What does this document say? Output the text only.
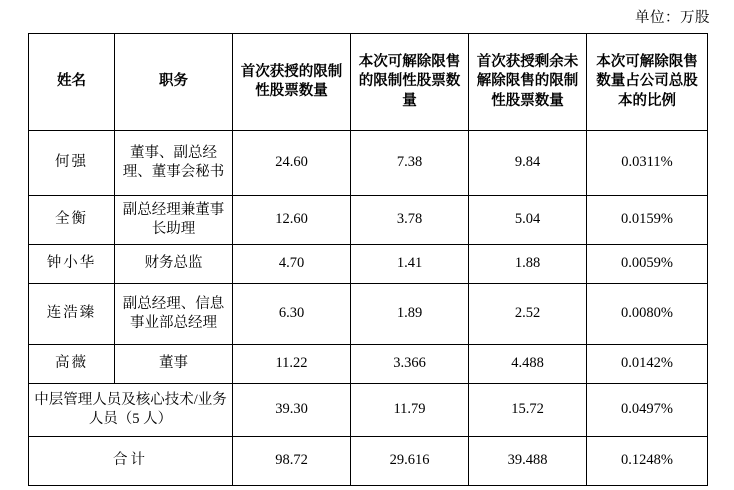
单位：万股
姓名	职务	首次获授的限制性股票数量	本次可解除限售的限制性股票数量	首次获授剩余未解除限售的限制性股票数量	本次可解除限售数量占公司总股本的比例
何强	董事、副总经理、董事会秘书	24.60	7.38	9.84	0.0311%
全衡	副总经理兼董事长助理	12.60	3.78	5.04	0.0159%
钟小华	财务总监	4.70	1.41	1.88	0.0059%
连浩臻	副总经理、信息事业部总经理	6.30	1.89	2.52	0.0080%
高薇	董事	11.22	3.366	4.488	0.0142%
中层管理人员及核心技术/业务人员（5 人）		39.30	11.79	15.72	0.0497%
合计		98.72	29.616	39.488	0.1248%
